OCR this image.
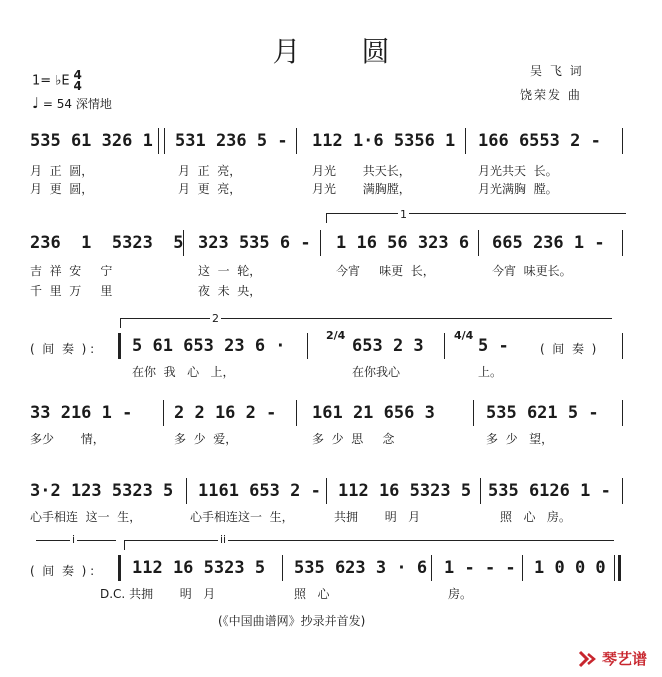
月 圆
1= ♭E 4
4
♩ = 54 深情地
吴 飞 词
饶荣发 曲
535 61 326 1 531 236 5 - 112 1·6 5356 1 166 6553 2 -
月  正  圆，	月  正  亮，	月光       共天长，	月光共天  长。
月  更  圆，	月  更  亮，	月光       满胸膛，	月光满胸  膛。
1
236  1  5323  5 323 535 6 - 1 16 56 323 6 665 236 1 -
吉  祥  安     宁	这  一  轮，	今宵     味更  长，	今宵  味更长。
千  里  万     里	夜  未  央，
2
(  间  奏  ) : 5 61 653 23 6 ·
2/4
653 2 3
4/4
5 -	(  间  奏  )
在你  我   心   上，	在你我心	上。
33 216 1 - 2 2 16 2 - 161 21 656 3	535 621 5 -
多少       情，	多  少  爱，	多  少  思     念	多  少   望，
3·2 123 5323 5 1161 653 2 - 112 16 5323 5 535 6126 1 -
心手相连  这一  生，	心手相连这一  生，	共拥       明   月	照   心   房。
i	ii
(  间  奏  ) : 112 16 5323 5 535 623 3 · 6 1 - - - 1 0 0 0
D.C. 共拥       明   月	照   心	房。
(《中国曲谱网》抄录并首发)
琴艺谱
